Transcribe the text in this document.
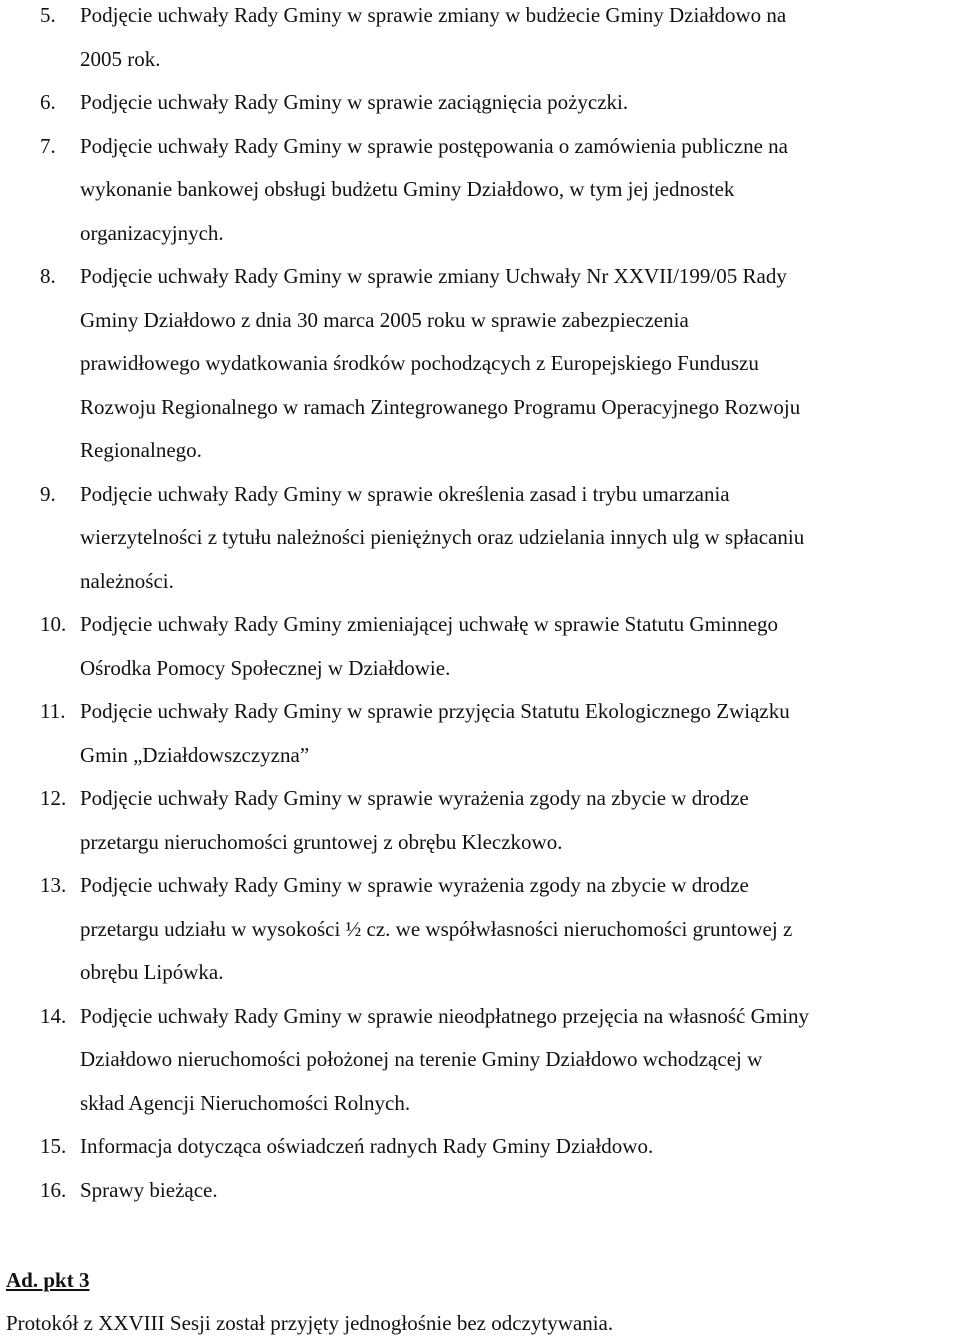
5. Podjęcie uchwały Rady Gminy w sprawie zmiany w budżecie Gminy Działdowo na
2005 rok.
6. Podjęcie uchwały Rady Gminy w sprawie zaciągnięcia pożyczki.
7. Podjęcie uchwały Rady Gminy w sprawie postępowania o zamówienia publiczne na
wykonanie bankowej obsługi budżetu Gminy Działdowo, w tym jej jednostek
organizacyjnych.
8. Podjęcie uchwały Rady Gminy w sprawie zmiany Uchwały Nr XXVII/199/05 Rady
Gminy Działdowo z dnia 30 marca 2005 roku w sprawie zabezpieczenia
prawidłowego wydatkowania środków pochodzących z Europejskiego Funduszu
Rozwoju Regionalnego w ramach Zintegrowanego Programu Operacyjnego Rozwoju
Regionalnego.
9. Podjęcie uchwały Rady Gminy w sprawie określenia zasad i trybu umarzania
wierzytelności z tytułu należności pieniężnych oraz udzielania innych ulg w spłacaniu
należności.
10. Podjęcie uchwały Rady Gminy zmieniającej uchwałę w sprawie Statutu Gminnego
Ośrodka Pomocy Społecznej w Działdowie.
11. Podjęcie uchwały Rady Gminy w sprawie przyjęcia Statutu Ekologicznego Związku
Gmin „Działdowszczyzna”
12. Podjęcie uchwały Rady Gminy w sprawie wyrażenia zgody na zbycie w drodze
przetargu nieruchomości gruntowej z obrębu Kleczkowo.
13. Podjęcie uchwały Rady Gminy w sprawie wyrażenia zgody na zbycie w drodze
przetargu udziału w wysokości ½ cz. we współwłasności nieruchomości gruntowej z
obrębu Lipówka.
14. Podjęcie uchwały Rady Gminy w sprawie nieodpłatnego przejęcia na własność Gminy
Działdowo nieruchomości położonej na terenie Gminy Działdowo wchodzącej w
skład Agencji Nieruchomości Rolnych.
15. Informacja dotycząca oświadczeń radnych Rady Gminy Działdowo.
16. Sprawy bieżące.
Ad. pkt 3

Protokół z XXVIII Sesji został przyjęty jednogłośnie bez odczytywania.
